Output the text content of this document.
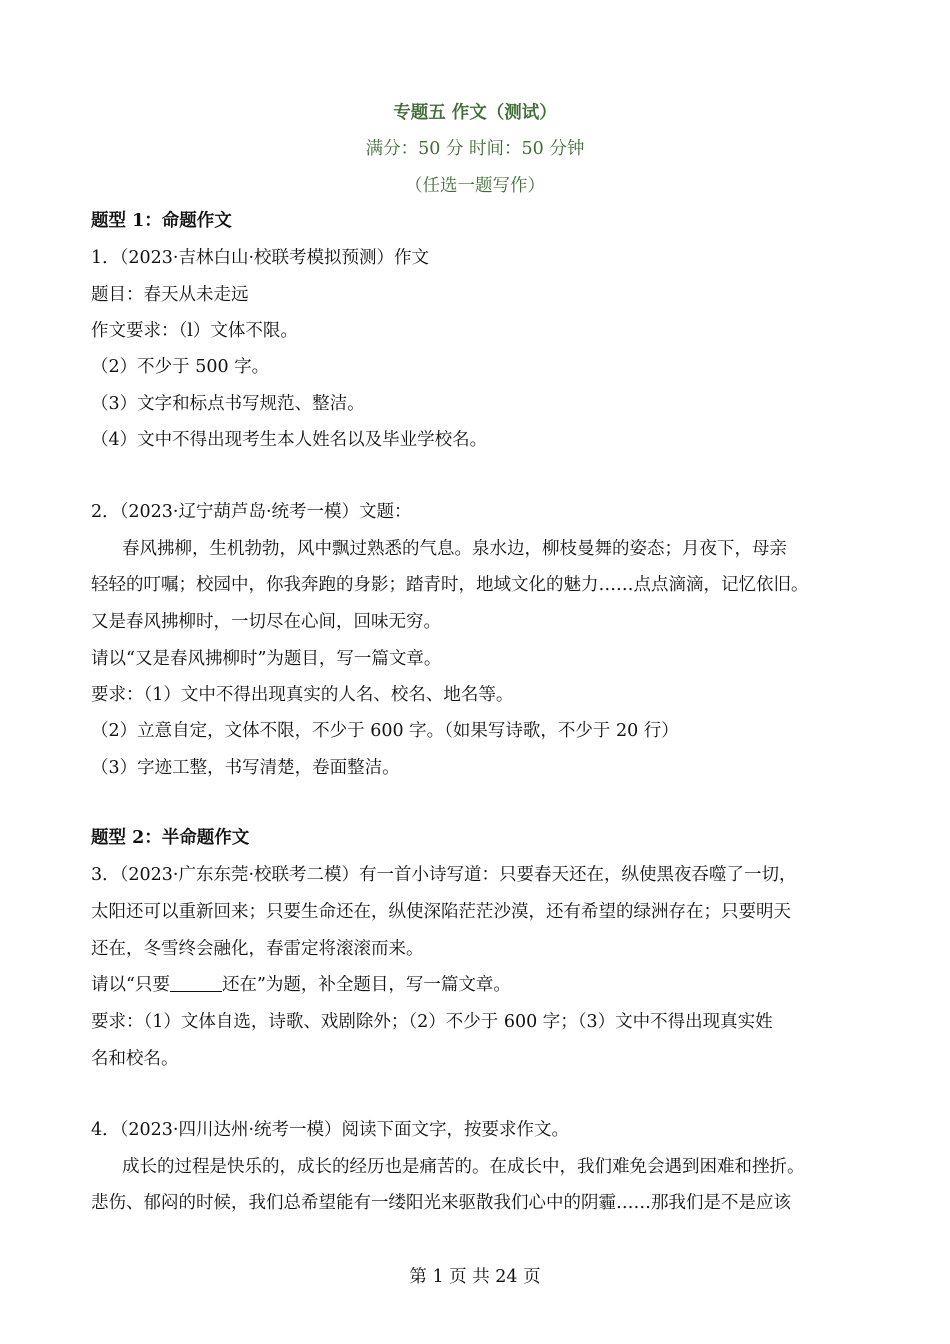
专题五 作文（测试）
满分：50 分 时间：50 分钟
（任选一题写作）
题型 1：命题作文
1．（2023·吉林白山·校联考模拟预测）作文
题目：春天从未走远
作文要求：（l）文体不限。
（2）不少于 500 字。
（3）文字和标点书写规范、整洁。
（4）文中不得出现考生本人姓名以及毕业学校名。
2．（2023·辽宁葫芦岛·统考一模）文题：
春风拂柳，生机勃勃，风中飘过熟悉的气息。泉水边，柳枝曼舞的姿态；月夜下，母亲
轻轻的叮嘱；校园中，你我奔跑的身影；踏青时，地域文化的魅力……点点滴滴，记忆依旧。
又是春风拂柳时，一切尽在心间，回味无穷。
请以“又是春风拂柳时”为题目，写一篇文章。
要求：（1）文中不得出现真实的人名、校名、地名等。
（2）立意自定，文体不限，不少于 600 字。（如果写诗歌，不少于 20 行）
（3）字迹工整，书写清楚，卷面整洁。
题型 2：半命题作文
3．（2023·广东东莞·校联考二模）有一首小诗写道：只要春天还在，纵使黑夜吞噬了一切，
太阳还可以重新回来；只要生命还在，纵使深陷茫茫沙漠，还有希望的绿洲存在；只要明天
还在，冬雪终会融化，春雷定将滚滚而来。
请以“只要	还在”为题，补全题目，写一篇文章。
要求：（1）文体自选，诗歌、戏剧除外；（2）不少于 600 字；（3）文中不得出现真实姓
名和校名。
4．（2023·四川达州·统考一模）阅读下面文字，按要求作文。
成长的过程是快乐的，成长的经历也是痛苦的。在成长中，我们难免会遇到困难和挫折。
悲伤、郁闷的时候，我们总希望能有一缕阳光来驱散我们心中的阴霾……那我们是不是应该
第 1 页 共 24 页
